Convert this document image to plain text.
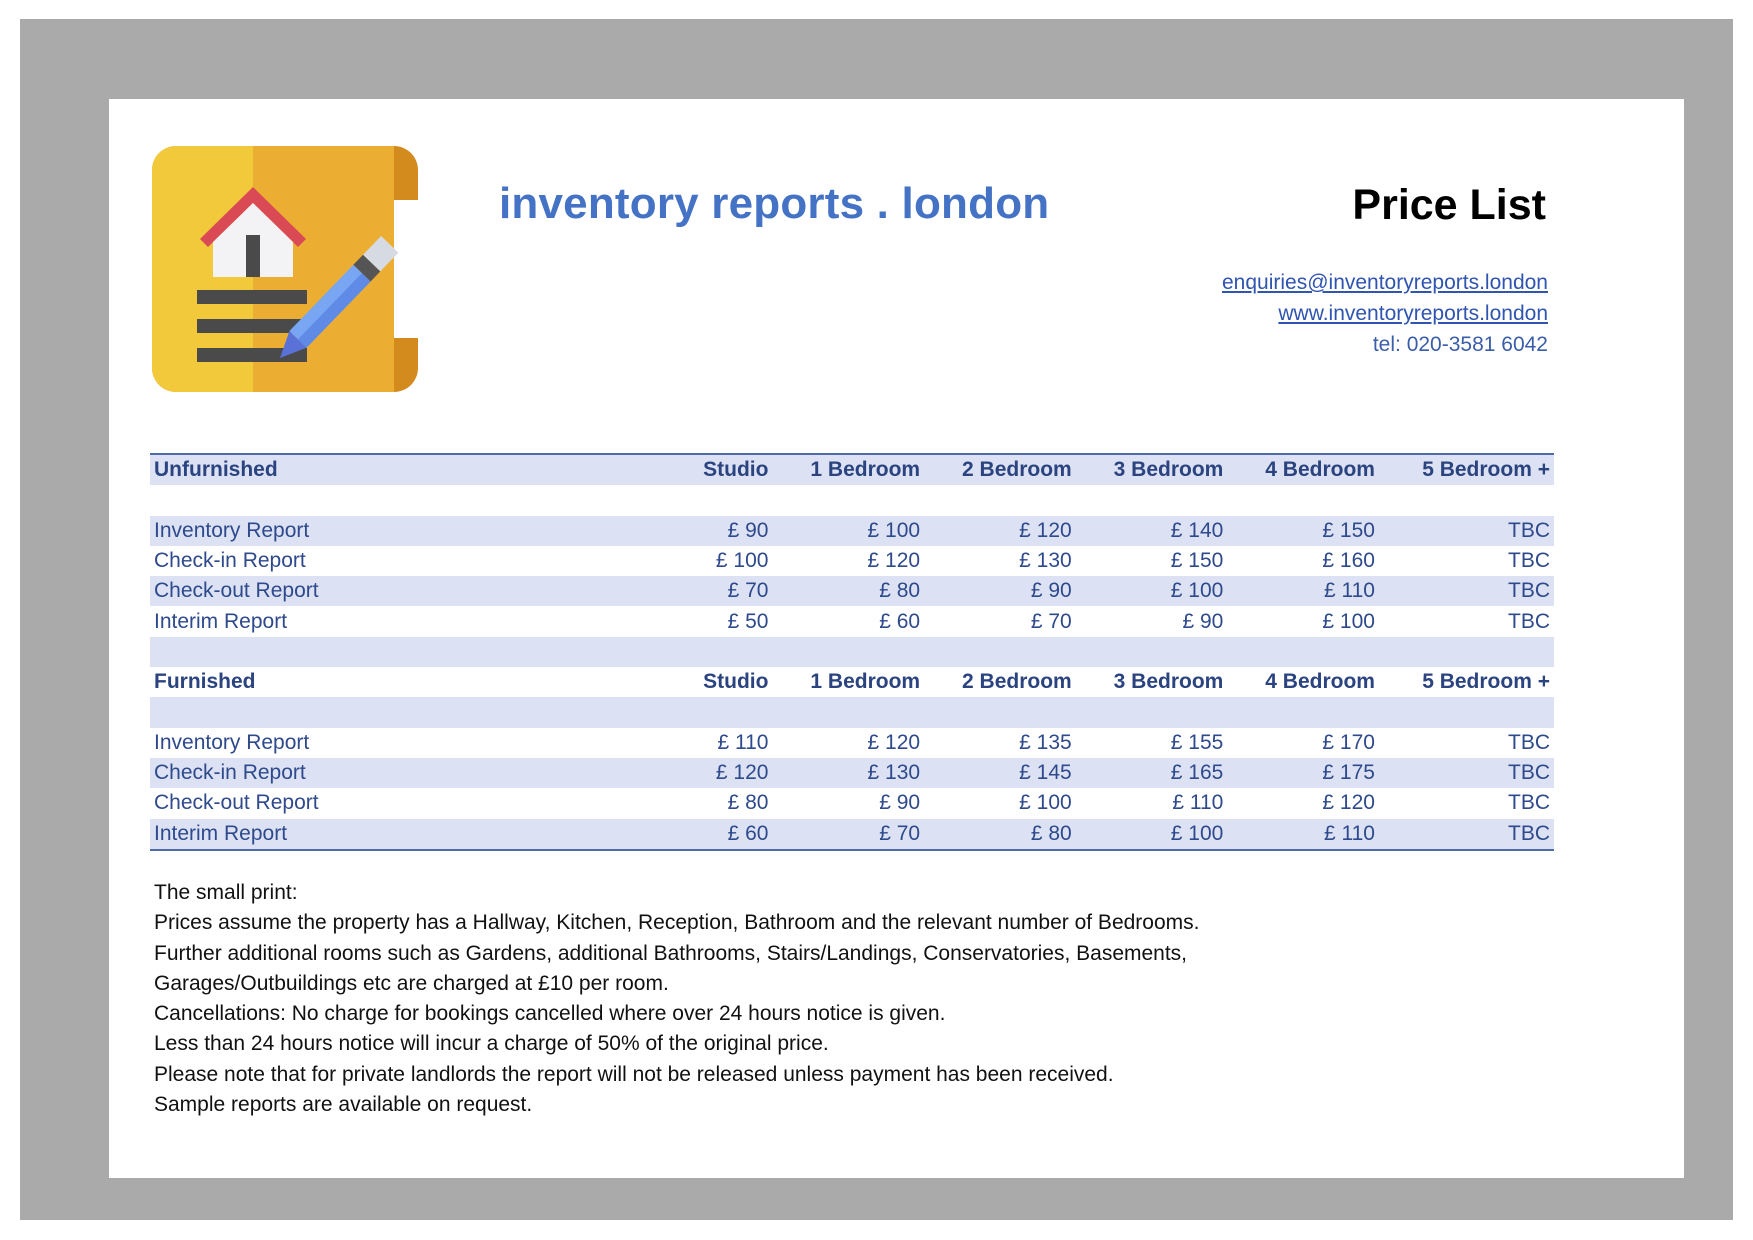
inventory reports . london	Price List
enquiries@inventoryreports.london
www.inventoryreports.london
tel: 020-3581 6042
Unfurnished	Studio	1 Bedroom	2 Bedroom	3 Bedroom	4 Bedroom	5 Bedroom +

Inventory Report	£ 90	£ 100	£ 120	£ 140	£ 150	TBC
Check-in Report	£ 100	£ 120	£ 130	£ 150	£ 160	TBC
Check-out Report	£ 70	£ 80	£ 90	£ 100	£ 110	TBC
Interim Report	£ 50	£ 60	£ 70	£ 90	£ 100	TBC

Furnished	Studio	1 Bedroom	2 Bedroom	3 Bedroom	4 Bedroom	5 Bedroom +

Inventory Report	£ 110	£ 120	£ 135	£ 155	£ 170	TBC
Check-in Report	£ 120	£ 130	£ 145	£ 165	£ 175	TBC
Check-out Report	£ 80	£ 90	£ 100	£ 110	£ 120	TBC
Interim Report	£ 60	£ 70	£ 80	£ 100	£ 110	TBC
The small print:
Prices assume the property has a Hallway, Kitchen, Reception, Bathroom and the relevant number of Bedrooms.
Further additional rooms such as Gardens, additional Bathrooms, Stairs/Landings, Conservatories, Basements,
Garages/Outbuildings etc are charged at £10 per room.
Cancellations: No charge for bookings cancelled where over 24 hours notice is given.
Less than 24 hours notice will incur a charge of 50% of the original price.
Please note that for private landlords the report will not be released unless payment has been received.
Sample reports are available on request.
